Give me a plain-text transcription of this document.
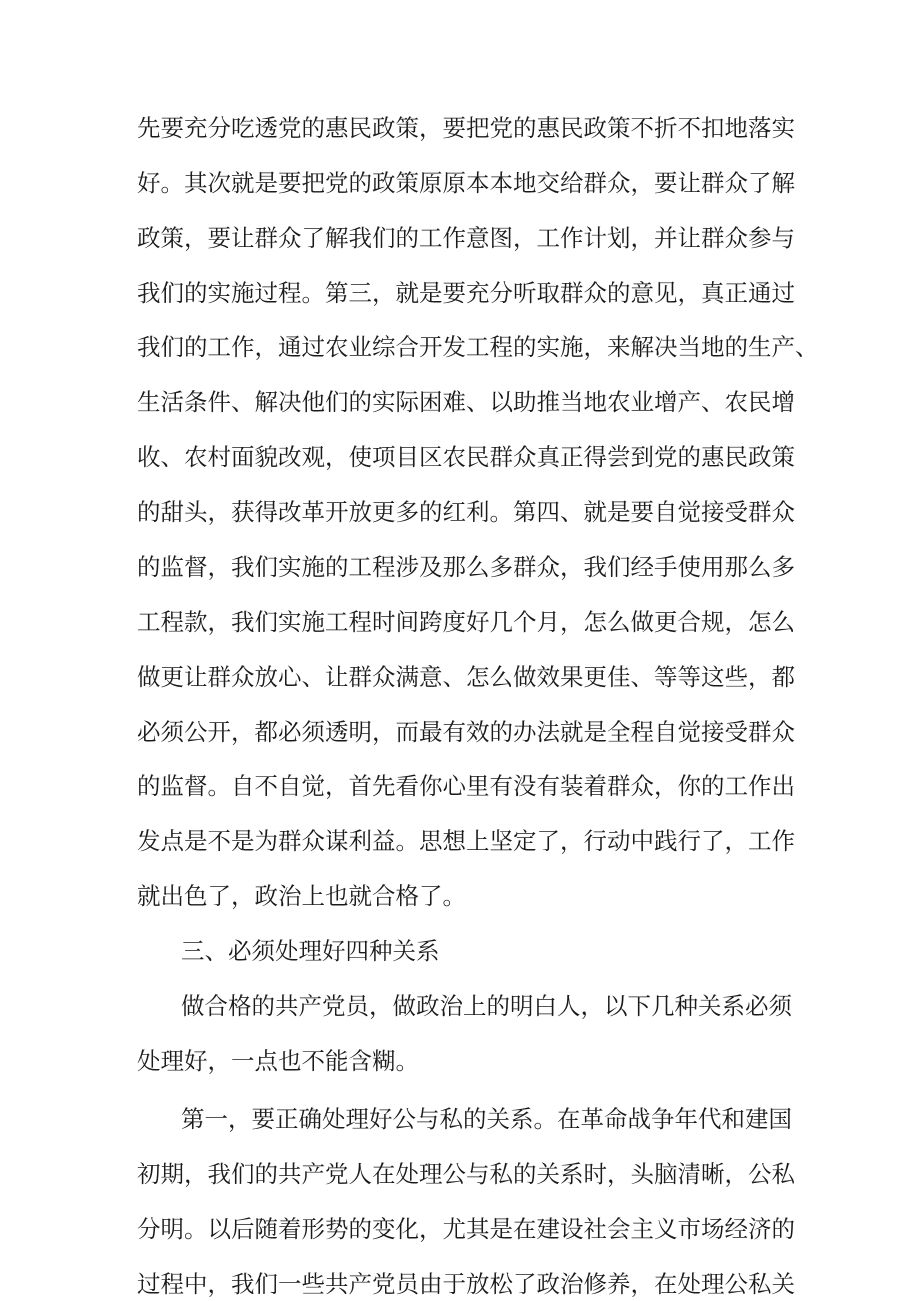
先要充分吃透党的惠民政策，要把党的惠民政策不折不扣地落实
好。其次就是要把党的政策原原本本地交给群众，要让群众了解
政策，要让群众了解我们的工作意图，工作计划，并让群众参与
我们的实施过程。第三，就是要充分听取群众的意见，真正通过
我们的工作，通过农业综合开发工程的实施，来解决当地的生产、
生活条件、解决他们的实际困难、以助推当地农业增产、农民增
收、农村面貌改观，使项目区农民群众真正得尝到党的惠民政策
的甜头，获得改革开放更多的红利。第四、就是要自觉接受群众
的监督，我们实施的工程涉及那么多群众，我们经手使用那么多
工程款，我们实施工程时间跨度好几个月，怎么做更合规，怎么
做更让群众放心、让群众满意、怎么做效果更佳、等等这些，都
必须公开，都必须透明，而最有效的办法就是全程自觉接受群众
的监督。自不自觉，首先看你心里有没有装着群众，你的工作出
发点是不是为群众谋利益。思想上坚定了，行动中践行了，工作
就出色了，政治上也就合格了。
三、必须处理好四种关系
做合格的共产党员，做政治上的明白人，以下几种关系必须
处理好，一点也不能含糊。
第一，要正确处理好公与私的关系。在革命战争年代和建国
初期，我们的共产党人在处理公与私的关系时，头脑清晰，公私
分明。以后随着形势的变化，尤其是在建设社会主义市场经济的
过程中，我们一些共产党员由于放松了政治修养，在处理公私关
